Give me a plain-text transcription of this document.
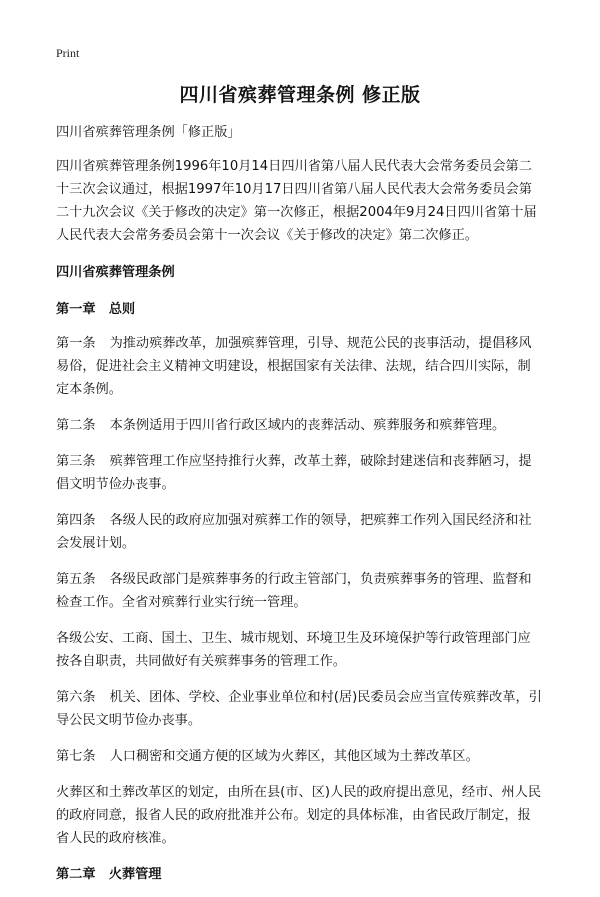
Print
四川省殡葬管理条例 修正版

四川省殡葬管理条例「修正版」

四川省殡葬管理条例1996年10月14日四川省第八届人民代表大会常务委员会第二十三次会议通过，根据1997年10月17日四川省第八届人民代表大会常务委员会第二十九次会议《关于修改的决定》第一次修正，根据2004年9月24日四川省第十届人民代表大会常务委员会第十一次会议《关于修改的决定》第二次修正。

四川省殡葬管理条例

第一章　总则

第一条 为推动殡葬改革，加强殡葬管理，引导、规范公民的丧事活动，提倡移风易俗，促进社会主义精神文明建设，根据国家有关法律、法规，结合四川实际，制定本条例。

第二条 本条例适用于四川省行政区域内的丧葬活动、殡葬服务和殡葬管理。

第三条 殡葬管理工作应坚持推行火葬，改革土葬，破除封建迷信和丧葬陋习，提倡文明节俭办丧事。

第四条 各级人民的政府应加强对殡葬工作的领导，把殡葬工作列入国民经济和社会发展计划。

第五条 各级民政部门是殡葬事务的行政主管部门，负责殡葬事务的管理、监督和检查工作。全省对殡葬行业实行统一管理。

各级公安、工商、国土、卫生、城市规划、环境卫生及环境保护等行政管理部门应按各自职责，共同做好有关殡葬事务的管理工作。

第六条 机关、团体、学校、企业事业单位和村(居)民委员会应当宣传殡葬改革，引导公民文明节俭办丧事。

第七条 人口稠密和交通方便的区域为火葬区，其他区域为土葬改革区。

火葬区和土葬改革区的划定，由所在县(市、区)人民的政府提出意见，经市、州人民的政府同意，报省人民的政府批准并公布。划定的具体标准，由省民政厅制定，报省人民的政府核准。

第二章　火葬管理
